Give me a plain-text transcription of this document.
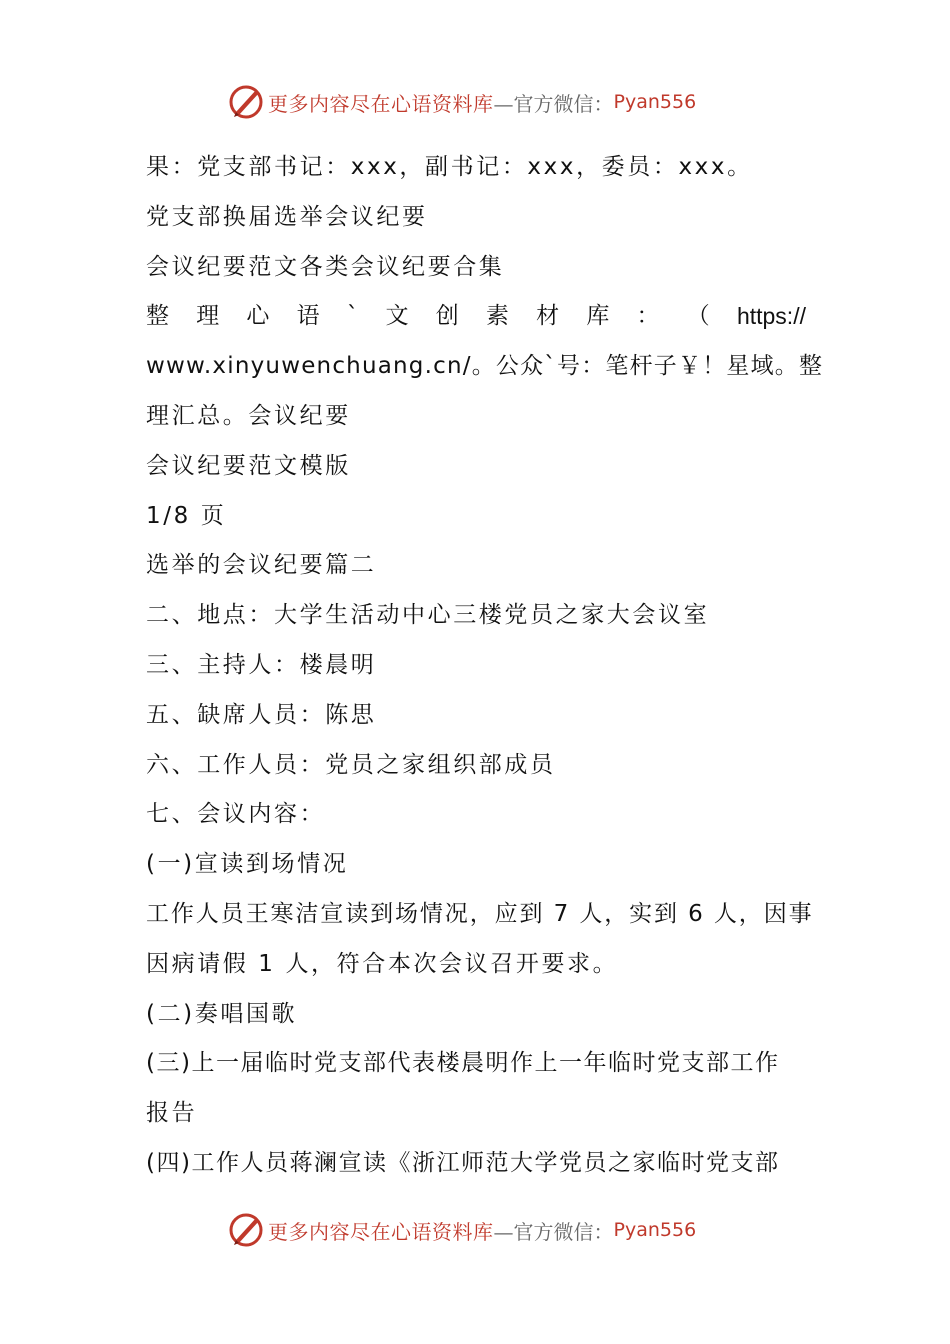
更多内容尽在心语资料库 —官方微信： Pyan556
果：党支部书记：xxx，副书记：xxx，委员：xxx。
党支部换届选举会议纪要
会议纪要范文各类会议纪要合集
整 理 心 语 ` 文 创 素 材 库 ： （ https://
www.xinyuwenchuang.cn/。公众`号：笔杆子￥！星域。整
理汇总。会议纪要
会议纪要范文模版
1/8 页
选举的会议纪要篇二
二、地点：大学生活动中心三楼党员之家大会议室
三、主持人：楼晨明
五、缺席人员：陈思
六、工作人员：党员之家组织部成员
七、会议内容：
(一)宣读到场情况
工作人员王寒洁宣读到场情况，应到 7 人，实到 6 人，因事
因病请假 1 人，符合本次会议召开要求。
(二)奏唱国歌
(三)上一届临时党支部代表楼晨明作上一年临时党支部工作
报告
(四)工作人员蒋澜宣读《浙江师范大学党员之家临时党支部
更多内容尽在心语资料库 —官方微信： Pyan556
